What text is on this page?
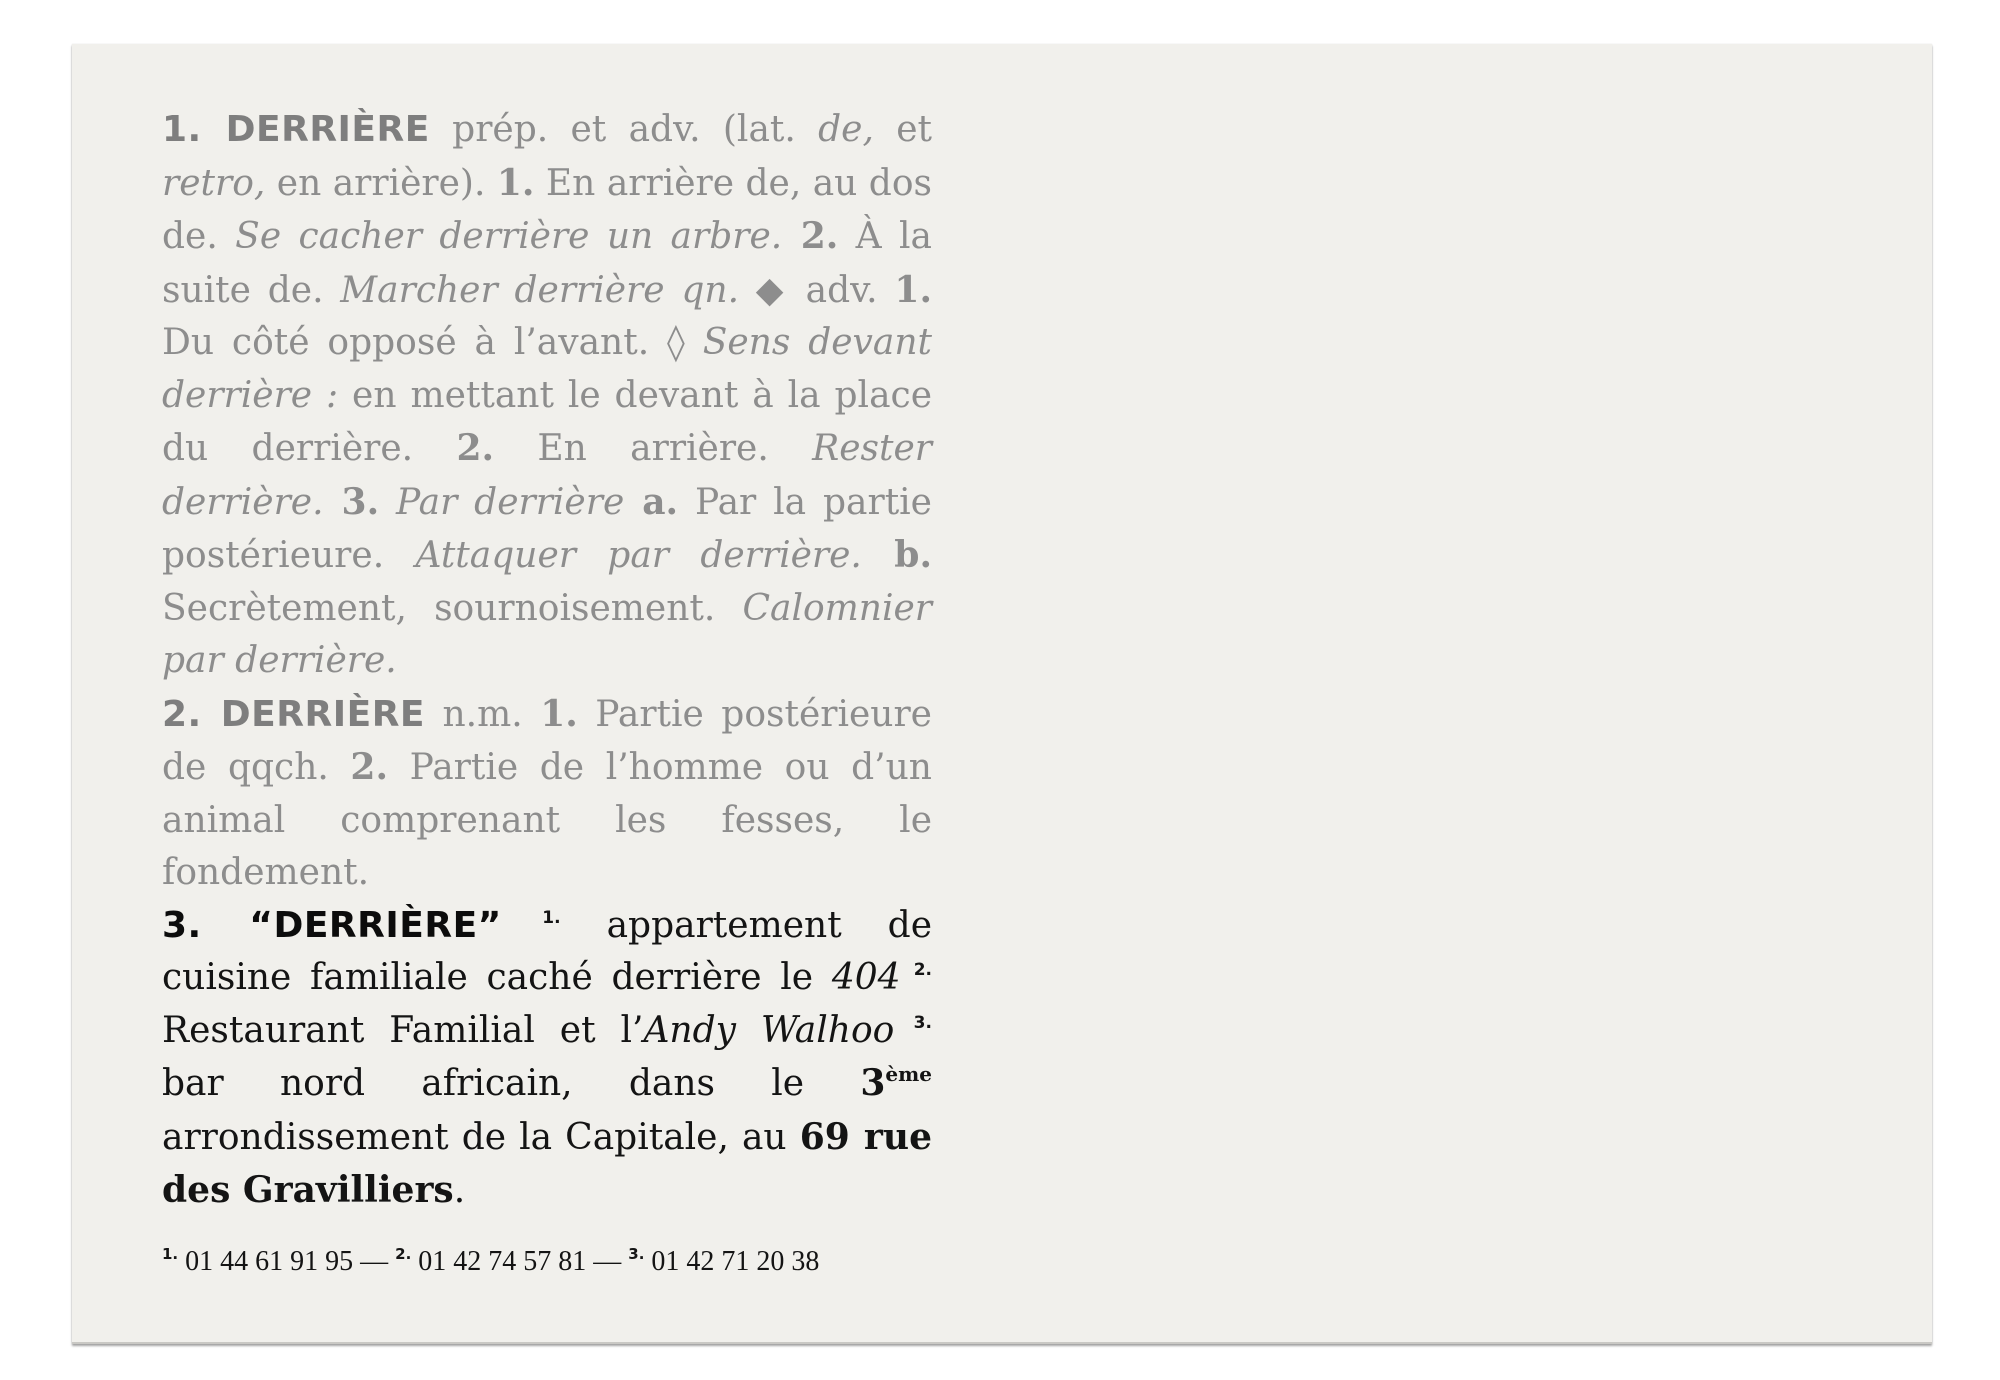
1. DERRIÈRE prép. et adv. (lat. de, et retro, en arrière). 1. En arrière de, au dos de. Se cacher derrière un arbre. 2. À la suite de. Marcher derrière qn. ◆ adv. 1. Du côté opposé à l’avant. ◊ Sens devant derrière : en mettant le devant à la place du derrière. 2. En arrière. Rester derrière. 3. Par derrière a. Par la partie postérieure. Attaquer par derrière. b. Secrètement, sournoisement. Calomnier par derrière.

2. DERRIÈRE n.m. 1. Partie postérieure de qqch. 2. Partie de l’homme ou d’un animal comprenant les fesses, le fondement.

3. “DERRIÈRE” $^{1.}$ appartement de cuisine familiale caché derrière le 404 $^{2.}$ Restaurant Familial et l’Andy Walhoo $^{3.}$ bar nord africain, dans le 3ème arrondissement de la Capitale, au 69 rue des Gravilliers.

$^{1.}$ 01 44 61 91 95 — $^{2.}$ 01 42 74 57 81 — $^{3.}$ 01 42 71 20 38
